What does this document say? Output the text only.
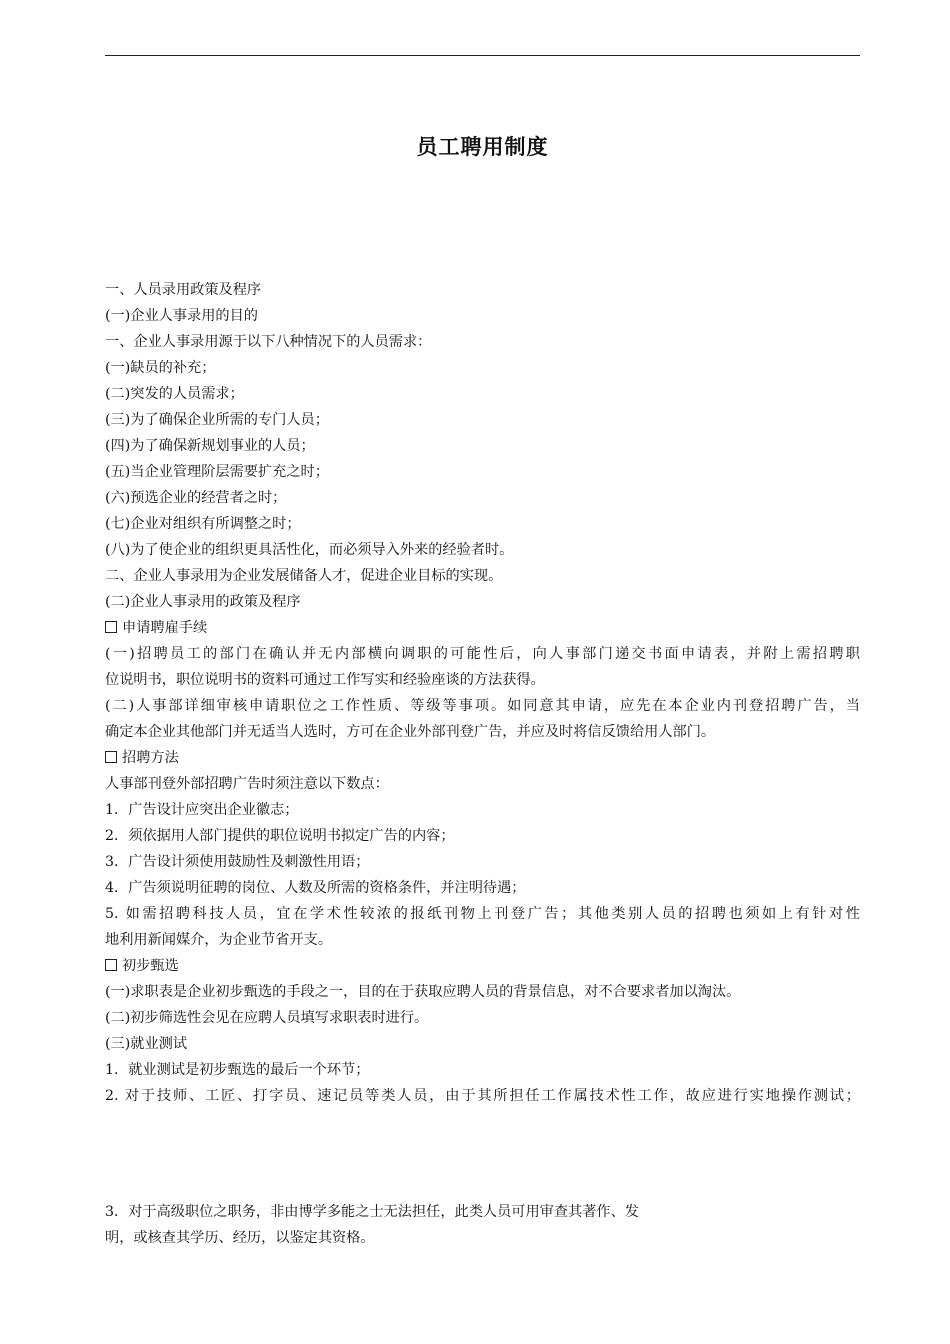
员工聘用制度
一、人员录用政策及程序
(一)企业人事录用的目的
一、企业人事录用源于以下八种情况下的人员需求：
(一)缺员的补充；
(二)突发的人员需求；
(三)为了确保企业所需的专门人员；
(四)为了确保新规划事业的人员；
(五)当企业管理阶层需要扩充之时；
(六)预选企业的经营者之时；
(七)企业对组织有所调整之时；
(八)为了使企业的组织更具活性化，而必须导入外来的经验者时。
二、企业人事录用为企业发展储备人才，促进企业目标的实现。
(二)企业人事录用的政策及程序
申请聘雇手续
(一)招聘员工的部门在确认并无内部横向调职的可能性后，向人事部门递交书面申请表，并附上需招聘职
位说明书，职位说明书的资料可通过工作写实和经验座谈的方法获得。
(二)人事部详细审核申请职位之工作性质、等级等事项。如同意其申请，应先在本企业内刊登招聘广告，当
确定本企业其他部门并无适当人选时，方可在企业外部刊登广告，并应及时将信反馈给用人部门。
招聘方法
人事部刊登外部招聘广告时须注意以下数点：
1．广告设计应突出企业徽志；
2．须依据用人部门提供的职位说明书拟定广告的内容；
3．广告设计须使用鼓励性及刺激性用语；
4．广告须说明征聘的岗位、人数及所需的资格条件，并注明待遇；
5. 如需招聘科技人员，宜在学术性较浓的报纸刊物上刊登广告；其他类别人员的招聘也须如上有针对性
地利用新闻媒介，为企业节省开支。
初步甄选
(一)求职表是企业初步甄选的手段之一，目的在于获取应聘人员的背景信息，对不合要求者加以淘汰。
(二)初步筛选性会见在应聘人员填写求职表时进行。
(三)就业测试
1．就业测试是初步甄选的最后一个环节；
2. 对于技师、工匠、打字员、速记员等类人员，由于其所担任工作属技术性工作，故应进行实地操作测试；
3．对于高级职位之职务，非由博学多能之士无法担任，此类人员可用审查其著作、发
明，或核查其学历、经历，以鉴定其资格。
